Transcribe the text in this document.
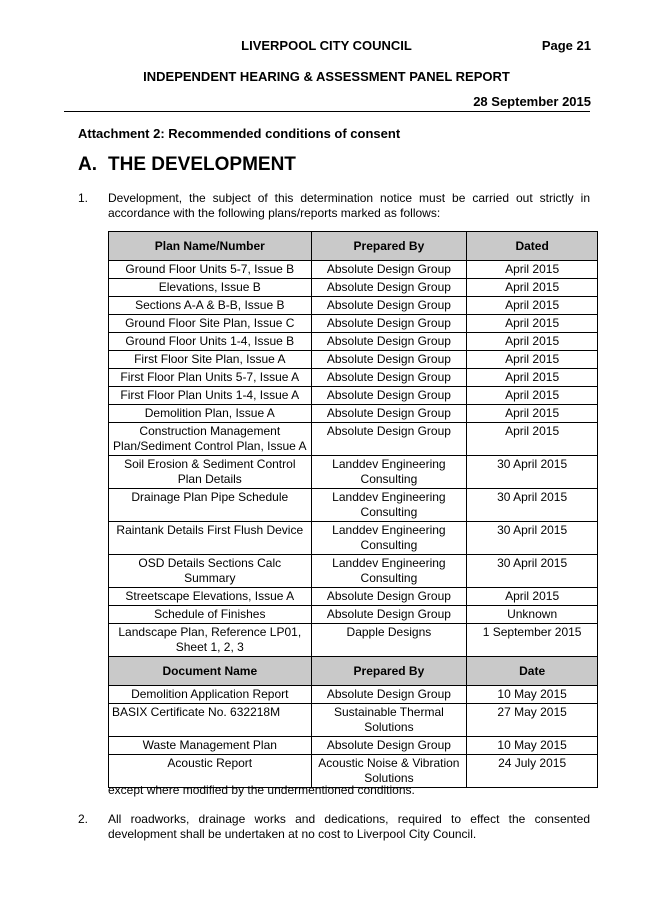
LIVERPOOL CITY COUNCIL	Page 21
INDEPENDENT HEARING & ASSESSMENT PANEL REPORT
28 September 2015
Attachment 2: Recommended conditions of consent
A. THE DEVELOPMENT
1. Development, the subject of this determination notice must be carried out strictly in accordance with the following plans/reports marked as follows:
Plan Name/Number	Prepared By	Dated
Ground Floor Units 5-7, Issue B	Absolute Design Group	April 2015
Elevations, Issue B	Absolute Design Group	April 2015
Sections A-A & B-B, Issue B	Absolute Design Group	April 2015
Ground Floor Site Plan, Issue C	Absolute Design Group	April 2015
Ground Floor Units 1-4, Issue B	Absolute Design Group	April 2015
First Floor Site Plan, Issue A	Absolute Design Group	April 2015
First Floor Plan Units 5-7, Issue A	Absolute Design Group	April 2015
First Floor Plan Units 1-4, Issue A	Absolute Design Group	April 2015
Demolition Plan, Issue A	Absolute Design Group	April 2015
Construction Management Plan/Sediment Control Plan, Issue A	Absolute Design Group	April 2015
Soil Erosion & Sediment Control Plan Details	Landdev Engineering Consulting	30 April 2015
Drainage Plan Pipe Schedule	Landdev Engineering Consulting	30 April 2015
Raintank Details First Flush Device	Landdev Engineering Consulting	30 April 2015
OSD Details Sections Calc Summary	Landdev Engineering Consulting	30 April 2015
Streetscape Elevations, Issue A	Absolute Design Group	April 2015
Schedule of Finishes	Absolute Design Group	Unknown
Landscape Plan, Reference LP01, Sheet 1, 2, 3	Dapple Designs	1 September 2015
Document Name	Prepared By	Date
Demolition Application Report	Absolute Design Group	10 May 2015
BASIX Certificate No. 632218M	Sustainable Thermal Solutions	27 May 2015
Waste Management Plan	Absolute Design Group	10 May 2015
Acoustic Report	Acoustic Noise & Vibration Solutions	24 July 2015
except where modified by the undermentioned conditions.
2. All roadworks, drainage works and dedications, required to effect the consented development shall be undertaken at no cost to Liverpool City Council.
